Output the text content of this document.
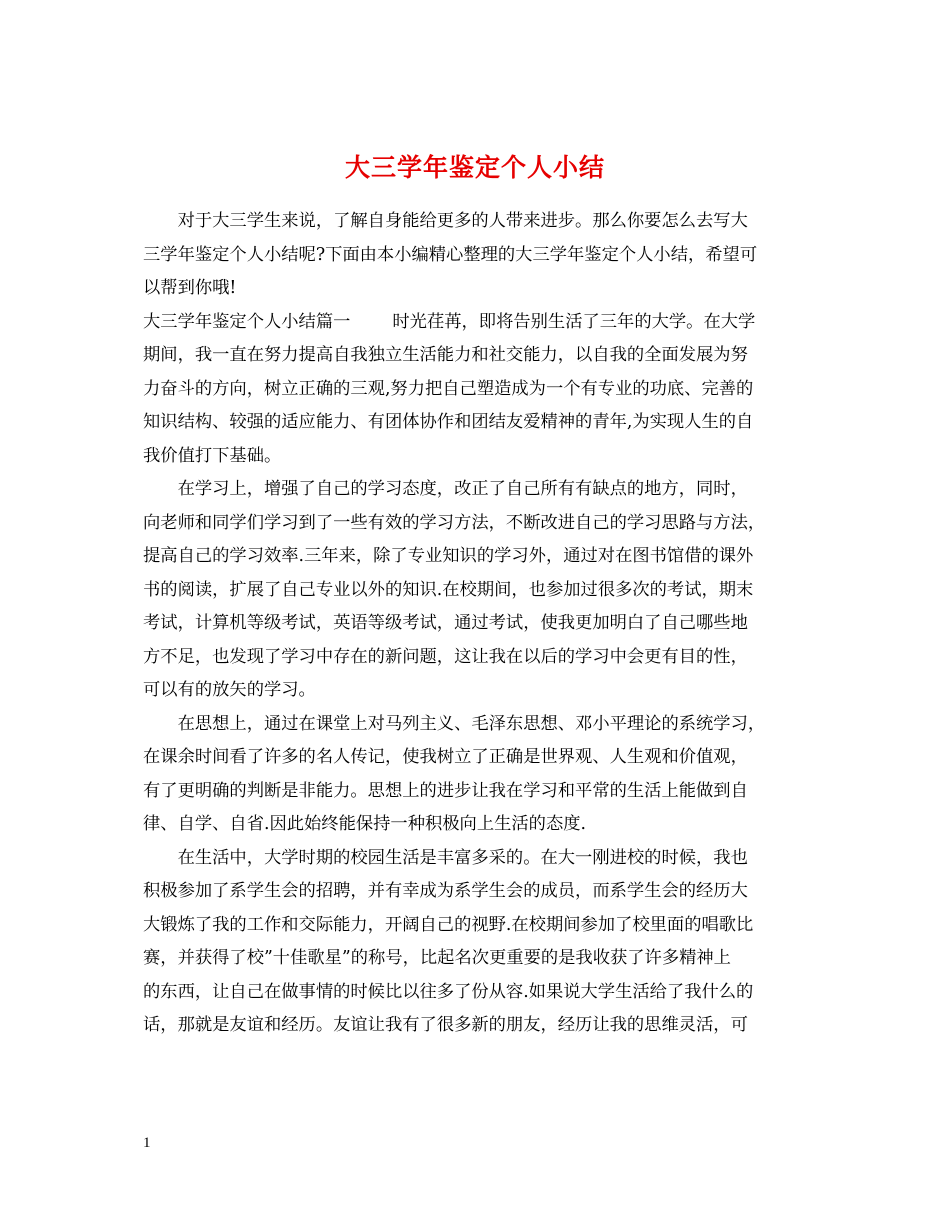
大三学年鉴定个人小结
　　对于大三学生来说，了解自身能给更多的人带来进步。那么你要怎么去写大
三学年鉴定个人小结呢?下面由本小编精心整理的大三学年鉴定个人小结，希望可
以帮到你哦!
大三学年鉴定个人小结篇一 时光荏苒，即将告别生活了三年的大学。在大学
期间，我一直在努力提高自我独立生活能力和社交能力，以自我的全面发展为努
力奋斗的方向，树立正确的三观,努力把自己塑造成为一个有专业的功底、完善的
知识结构、较强的适应能力、有团体协作和团结友爱精神的青年,为实现人生的自
我价值打下基础。
　　在学习上，增强了自己的学习态度，改正了自己所有有缺点的地方，同时，
向老师和同学们学习到了一些有效的学习方法，不断改进自己的学习思路与方法，
提高自己的学习效率.三年来，除了专业知识的学习外，通过对在图书馆借的课外
书的阅读，扩展了自己专业以外的知识.在校期间，也参加过很多次的考试，期末
考试，计算机等级考试，英语等级考试，通过考试，使我更加明白了自己哪些地
方不足，也发现了学习中存在的新问题，这让我在以后的学习中会更有目的性，
可以有的放矢的学习。
　　在思想上，通过在课堂上对马列主义、毛泽东思想、邓小平理论的系统学习，
在课余时间看了许多的名人传记，使我树立了正确是世界观、人生观和价值观，
有了更明确的判断是非能力。思想上的进步让我在学习和平常的生活上能做到自
律、自学、自省.因此始终能保持一种积极向上生活的态度.
　　在生活中，大学时期的校园生活是丰富多采的。在大一刚进校的时候，我也
积极参加了系学生会的招聘，并有幸成为系学生会的成员，而系学生会的经历大
大锻炼了我的工作和交际能力，开阔自己的视野.在校期间参加了校里面的唱歌比
赛，并获得了校”十佳歌星”的称号，比起名次更重要的是我收获了许多精神上
的东西，让自己在做事情的时候比以往多了份从容.如果说大学生活给了我什么的
话，那就是友谊和经历。友谊让我有了很多新的朋友，经历让我的思维灵活，可
1
